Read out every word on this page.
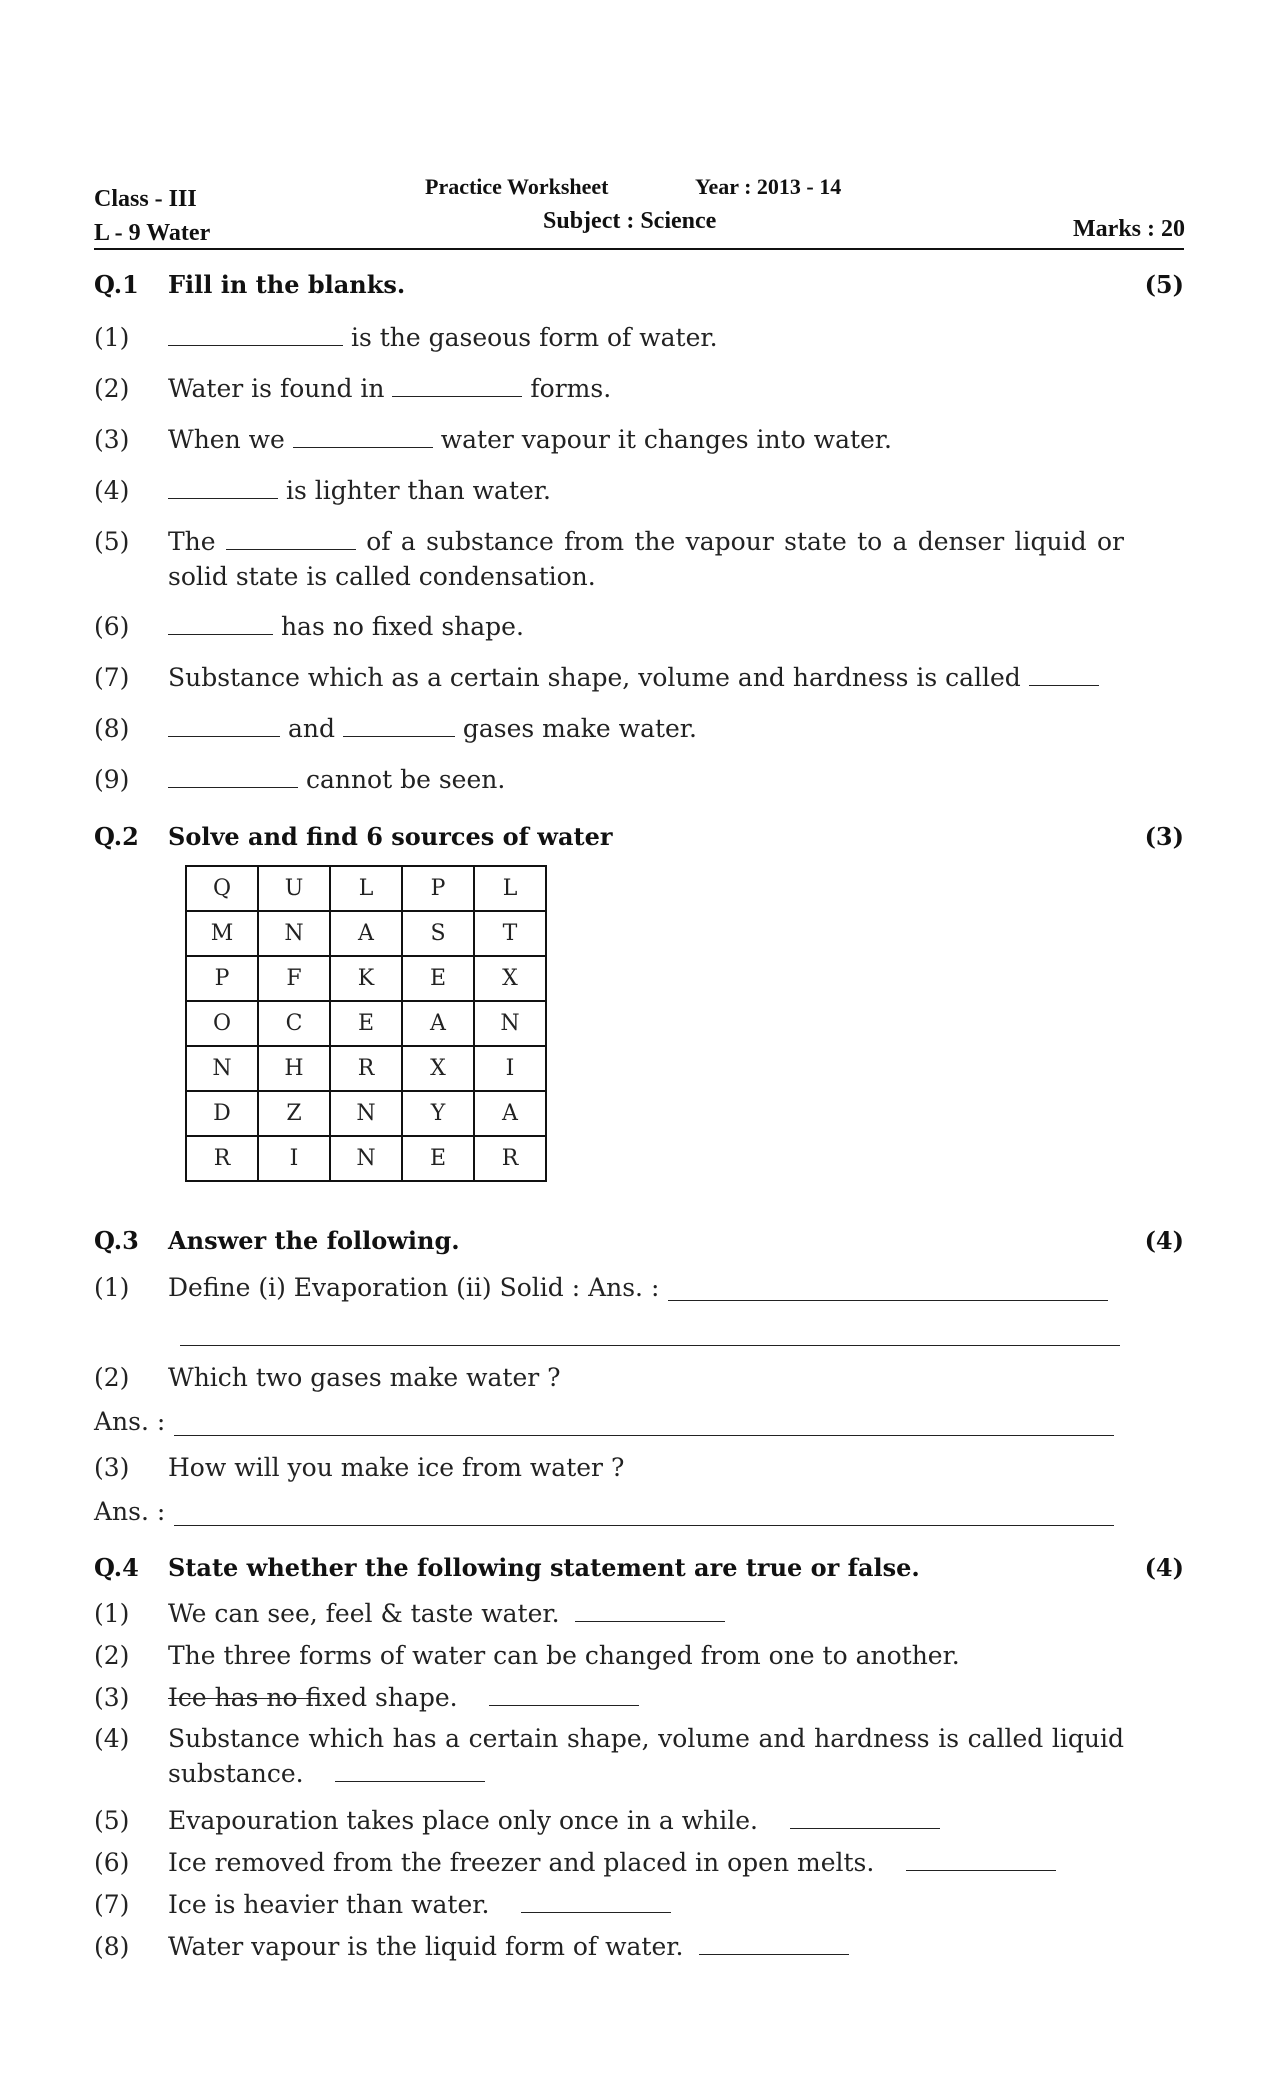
Class - III
L - 9 Water
Practice Worksheet	Year : 2013 - 14
Subject : Science	Marks : 20
Q.1 Fill in the blanks.	(5)
(1)	is the gaseous form of water.
(2) Water is found in	forms.
(3) When we	water vapour it changes into water.
(4)	is lighter than water.
(5) The	of a substance from the vapour state to a denser liquid or solid state is called condensation.
(6)	has no fixed shape.
(7) Substance which as a certain shape, volume and hardness is called
(8)	and	gases make water.
(9)	cannot be seen.
Q.2 Solve and find 6 sources of water	(3)
Q	U	L	P	L
M	N	A	S	T
P	F	K	E	X
O	C	E	A	N
N	H	R	X	I
D	Z	N	Y	A
R	I	N	E	R
Q.3 Answer the following.	(4)
(1) Define (i) Evaporation (ii) Solid : Ans. :
(2) Which two gases make water ?
Ans. :
(3) How will you make ice from water ?
Ans. :
Q.4 State whether the following statement are true or false.	(4)
(1) We can see, feel & taste water.
(2) The three forms of water can be changed from one to another.
(3) Ice has no fixed shape.
(4) Substance which has a certain shape, volume and hardness is called liquid substance.
(5) Evapouration takes place only once in a while.
(6) Ice removed from the freezer and placed in open melts.
(7) Ice is heavier than water.
(8) Water vapour is the liquid form of water.
